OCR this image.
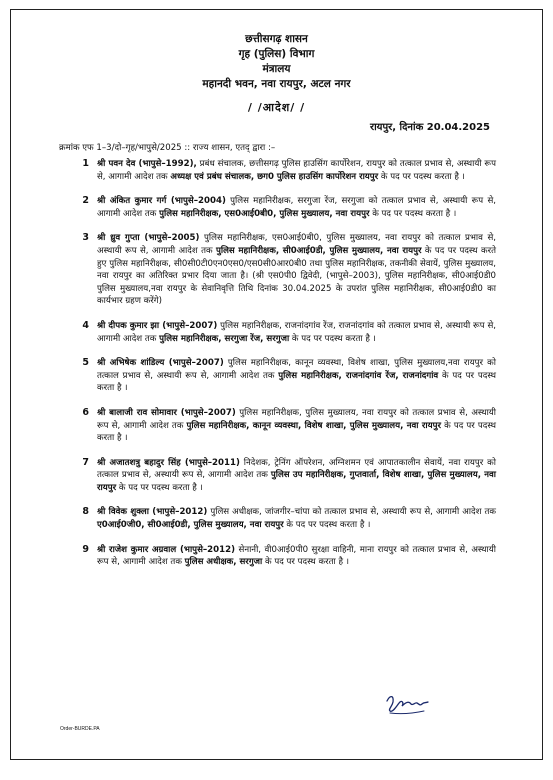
छत्तीसगढ़ शासन
गृह (पुलिस) विभाग
मंत्रालय
महानदी भवन, नवा रायपुर, अटल नगर
/ /आदेश/ /
रायपुर, दिनांक 20.04.2025
क्रमांक एफ 1–3/दो–गृह/भापुसे/2025 :: राज्य शासन, एतद् द्वारा :–
1 श्री पवन देव (भापुसे–1992), प्रबंध संचालक, छत्तीसगढ़ पुलिस हाउसिंग कार्पोरेशन, रायपुर को तत्काल प्रभाव से, अस्थायी रूप से, आगामी आदेश तक अध्यक्ष एवं प्रबंध संचालक, छग0 पुलिस हाउसिंग कार्पोरेशन रायपुर के पद पर पदस्थ करता है ।
2 श्री अंकित कुमार गर्ग (भापुसे–2004) पुलिस महानिरीक्षक, सरगुजा रेंज, सरगुजा को तत्काल प्रभाव से, अस्थायी रूप से, आगामी आदेश तक पुलिस महानिरीक्षक, एस0आई0बी0, पुलिस मुख्यालय, नवा रायपुर के पद पर पदस्थ करता है ।
3 श्री ध्रुव गुप्ता (भापुसे–2005) पुलिस महानिरीक्षक, एस0आई0बी0, पुलिस मुख्यालय, नवा रायपुर को तत्काल प्रभाव से, अस्थायी रूप से, आगामी आदेश तक पुलिस महानिरीक्षक, सी0आई0डी, पुलिस मुख्यालय, नवा रायपुर के पद पर पदस्थ करते हुए पुलिस महानिरीक्षक, सी0सी0टी0एन0एस0/एस0सी0आर0बी0 तथा पुलिस महानिरीक्षक, तकनीकी सेवायें, पुलिस मुख्यालय, नवा रायपुर का अतिरिक्त प्रभार दिया जाता है। (श्री एस0पी0 द्विवेदी, (भापुसे–2003), पुलिस महानिरीक्षक, सी0आई0डी0 पुलिस मुख्यालय,नवा रायपुर के सेवानिवृत्ति तिथि दिनांक 30.04.2025 के उपरांत पुलिस महानिरीक्षक, सी0आई0डी0 का कार्यभार ग्रहण करेंगे)
4 श्री दीपक कुमार झा (भापुसे–2007) पुलिस महानिरीक्षक, राजनांदगांव रेंज, राजनांदगांव को तत्काल प्रभाव से, अस्थायी रूप से, आगामी आदेश तक पुलिस महानिरीक्षक, सरगुजा रेंज, सरगुजा के पद पर पदस्थ करता है ।
5 श्री अभिषेक शांडिल्य (भापुसे–2007) पुलिस महानिरीक्षक, कानून व्यवस्था, विशेष शाखा, पुलिस मुख्यालय,नवा रायपुर को तत्काल प्रभाव से, अस्थायी रूप से, आगामी आदेश तक पुलिस महानिरीक्षक, राजनांदगांव रेंज, राजनांदगांव के पद पर पदस्थ करता है ।
6 श्री बालाजी राव सोमावार (भापुसे–2007) पुलिस महानिरीक्षक, पुलिस मुख्यालय, नवा रायपुर को तत्काल प्रभाव से, अस्थायी रूप से, आगामी आदेश तक पुलिस महानिरीक्षक, कानून व्यवस्था, विशेष शाखा, पुलिस मुख्यालय, नवा रायपुर के पद पर पदस्थ करता है ।
7 श्री अजातशत्रु बहादुर सिंह (भापुसे–2011) निदेशक, ट्रेनिंग ऑपरेशन, अग्निशमन एवं आपातकालीन सेवायें, नवा रायपुर को तत्काल प्रभाव से, अस्थायी रूप से, आगामी आदेश तक पुलिस उप महानिरीक्षक, गुप्तवार्ता, विशेष शाखा, पुलिस मुख्यालय, नवा रायपुर के पद पर पदस्थ करता है ।
8 श्री विवेक शुक्ला (भापुसे–2012) पुलिस अधीक्षक, जांजगीर–चांपा को तत्काल प्रभाव से, अस्थायी रूप से, आगामी आदेश तक ए0आई0जी0, सी0आई0डी, पुलिस मुख्यालय, नवा रायपुर के पद पर पदस्थ करता है ।
9 श्री राजेश कुमार अग्रवाल (भापुसे–2012) सेनानी, वी0आई0पी0 सुरक्षा वाहिनी, माना रायपुर को तत्काल प्रभाव से, अस्थायी रूप से, आगामी आदेश तक पुलिस अधीक्षक, सरगुजा के पद पर पदस्थ करता है ।
Order-BURDE.PA
